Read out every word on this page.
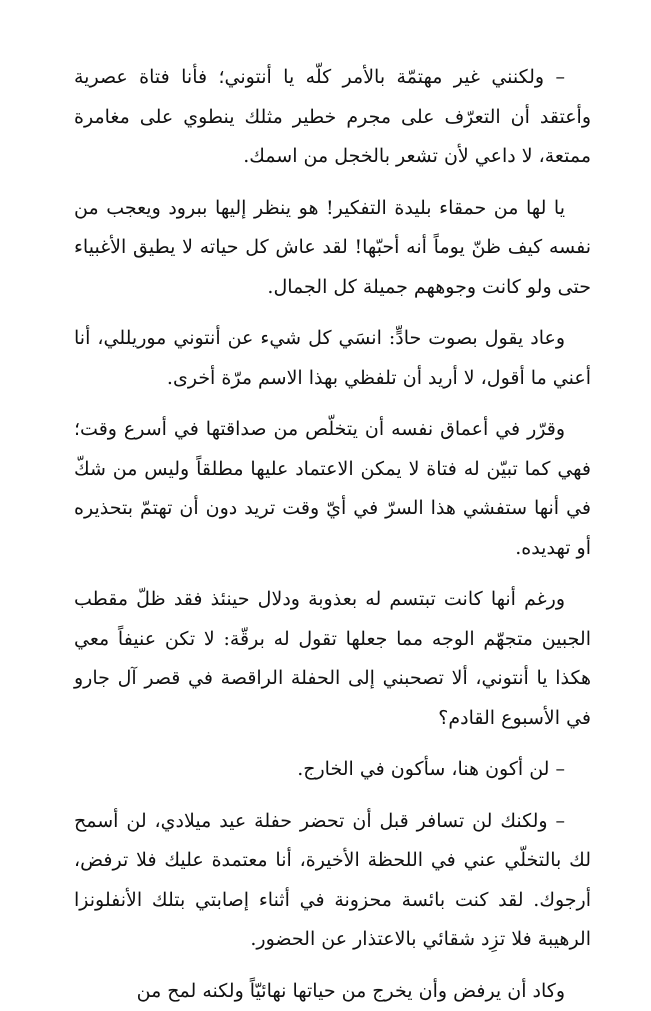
– ولكنني غير مهتمّة بالأمر كلّه يا أنتوني؛ فأنا فتاة عصرية وأعتقد أن التعرّف على مجرم خطير مثلك ينطوي على مغامرة ممتعة، لا داعي لأن تشعر بالخجل من اسمك.

يا لها من حمقاء بليدة التفكير! هو ينظر إليها ببرود ويعجب من نفسه كيف ظنّ يوماً أنه أحبّها! لقد عاش كل حياته لا يطيق الأغبياء حتى ولو كانت وجوههم جميلة كل الجمال.

وعاد يقول بصوت حادٍّ: انسَي كل شيء عن أنتوني موريللي، أنا أعني ما أقول، لا أريد أن تلفظي بهذا الاسم مرّة أخرى.

وقرّر في أعماق نفسه أن يتخلّص من صداقتها في أسرع وقت؛ فهي كما تبيّن له فتاة لا يمكن الاعتماد عليها مطلقاً وليس من شكّ في أنها ستفشي هذا السرّ في أيّ وقت تريد دون أن تهتمّ بتحذيره أو تهديده.

ورغم أنها كانت تبتسم له بعذوبة ودلال حينئذ فقد ظلّ مقطب الجبين متجهّم الوجه مما جعلها تقول له برقّة: لا تكن عنيفاً معي هكذا يا أنتوني، ألا تصحبني إلى الحفلة الراقصة في قصر آل جارو في الأسبوع القادم؟

– لن أكون هنا، سأكون في الخارج.

– ولكنك لن تسافر قبل أن تحضر حفلة عيد ميلادي، لن أسمح لك بالتخلّي عني في اللحظة الأخيرة، أنا معتمدة عليك فلا ترفض، أرجوك. لقد كنت بائسة محزونة في أثناء إصابتي بتلك الأنفلونزا الرهيبة فلا تزِد شقائي بالاعتذار عن الحضور.

وكاد أن يرفض وأن يخرج من حياتها نهائيّاً ولكنه لمح من
